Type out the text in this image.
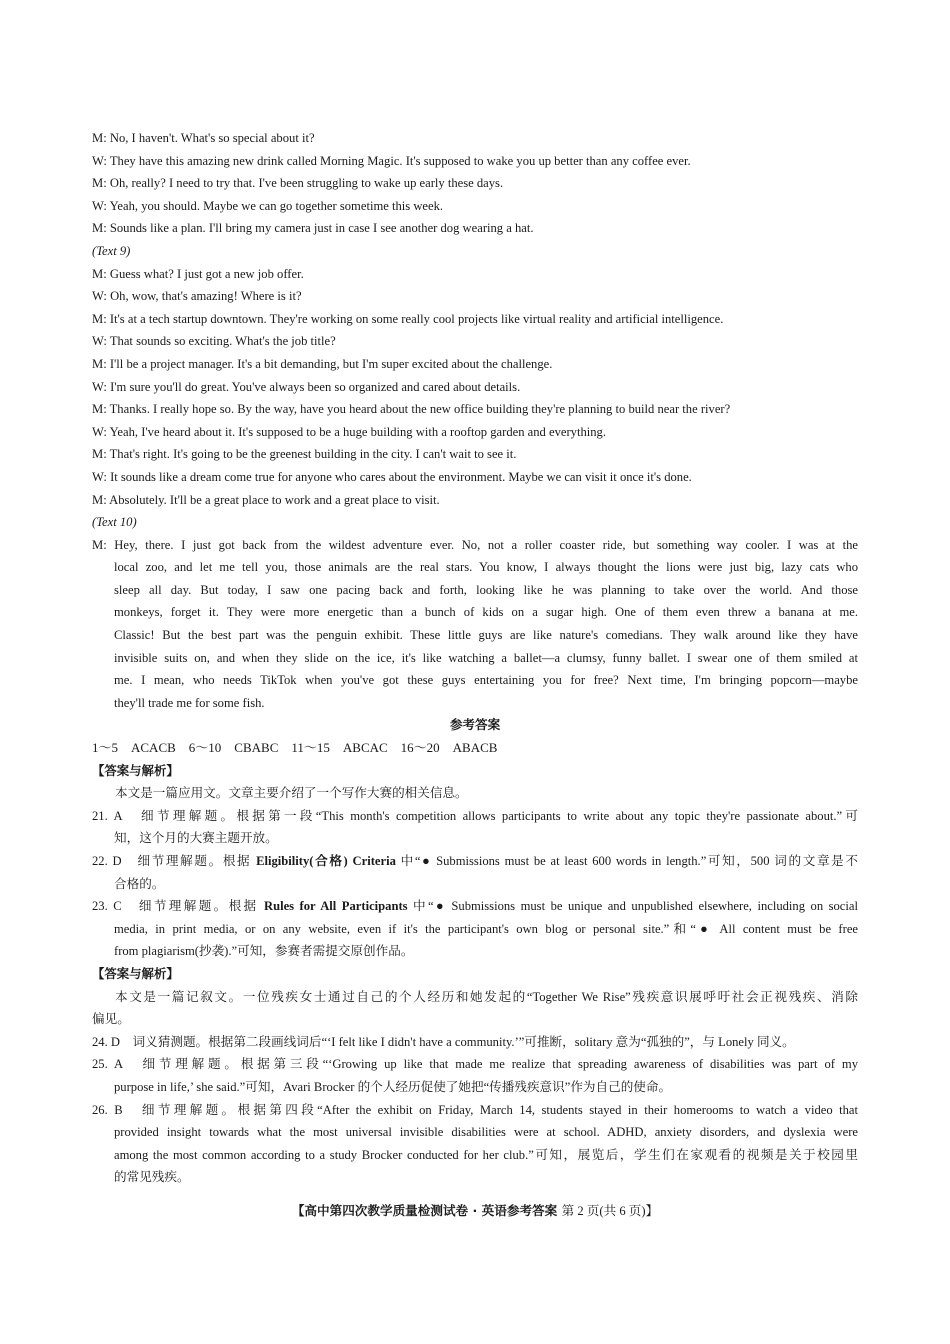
M: No, I haven't. What's so special about it?
W: They have this amazing new drink called Morning Magic. It's supposed to wake you up better than any coffee ever.
M: Oh, really? I need to try that. I've been struggling to wake up early these days.
W: Yeah, you should. Maybe we can go together sometime this week.
M: Sounds like a plan. I'll bring my camera just in case I see another dog wearing a hat.
(Text 9)
M: Guess what? I just got a new job offer.
W: Oh, wow, that's amazing! Where is it?
M: It's at a tech startup downtown. They're working on some really cool projects like virtual reality and artificial intelligence.
W: That sounds so exciting. What's the job title?
M: I'll be a project manager. It's a bit demanding, but I'm super excited about the challenge.
W: I'm sure you'll do great. You've always been so organized and cared about details.
M: Thanks. I really hope so. By the way, have you heard about the new office building they're planning to build near the river?
W: Yeah, I've heard about it. It's supposed to be a huge building with a rooftop garden and everything.
M: That's right. It's going to be the greenest building in the city. I can't wait to see it.
W: It sounds like a dream come true for anyone who cares about the environment. Maybe we can visit it once it's done.
M: Absolutely. It'll be a great place to work and a great place to visit.
(Text 10)
M: Hey, there. I just got back from the wildest adventure ever. No, not a roller coaster ride, but something way cooler. I was at the
local zoo, and let me tell you, those animals are the real stars. You know, I always thought the lions were just big, lazy cats who
sleep all day. But today, I saw one pacing back and forth, looking like he was planning to take over the world. And those
monkeys, forget it. They were more energetic than a bunch of kids on a sugar high. One of them even threw a banana at me.
Classic! But the best part was the penguin exhibit. These little guys are like nature's comedians. They walk around like they have
invisible suits on, and when they slide on the ice, it's like watching a ballet—a clumsy, funny ballet. I swear one of them smiled at
me. I mean, who needs TikTok when you've got these guys entertaining you for free? Next time, I'm bringing popcorn—maybe
they'll trade me for some fish.
参考答案
1～5　ACACB　6～10　CBABC　11～15　ABCAC　16～20　ABACB
【答案与解析】
本文是一篇应用文。文章主要介绍了一个写作大赛的相关信息。
21. A　细节理解题。根据第一段“This month's competition allows participants to write about any topic they're passionate about.”可
知，这个月的大赛主题开放。
22. D　细节理解题。根据 Eligibility(合格) Criteria 中“● Submissions must be at least 600 words in length.”可知，500 词的文章是不
合格的。
23. C　细节理解题。根据 Rules for All Participants 中“● Submissions must be unique and unpublished elsewhere, including on social
media, in print media, or on any website, even if it's the participant's own blog or personal site.”和“● All content must be free
from plagiarism(抄袭).”可知，参赛者需提交原创作品。
【答案与解析】
本文是一篇记叙文。一位残疾女士通过自己的个人经历和她发起的“Together We Rise”残疾意识展呼吁社会正视残疾、消除
偏见。
24. D　词义猜测题。根据第二段画线词后“‘I felt like I didn't have a community.’”可推断，solitary 意为“孤独的”，与 Lonely 同义。
25. A　细节理解题。根据第三段“‘Growing up like that made me realize that spreading awareness of disabilities was part of my
purpose in life,’ she said.”可知，Avari Brocker 的个人经历促使了她把“传播残疾意识”作为自己的使命。
26. B　细节理解题。根据第四段“After the exhibit on Friday, March 14, students stayed in their homerooms to watch a video that
provided insight towards what the most universal invisible disabilities were at school. ADHD, anxiety disorders, and dyslexia were
among the most common according to a study Brocker conducted for her club.”可知，展览后，学生们在家观看的视频是关于校园里
的常见残疾。
【高中第四次教学质量检测试卷 · 英语参考答案 第 2 页(共 6 页)】
